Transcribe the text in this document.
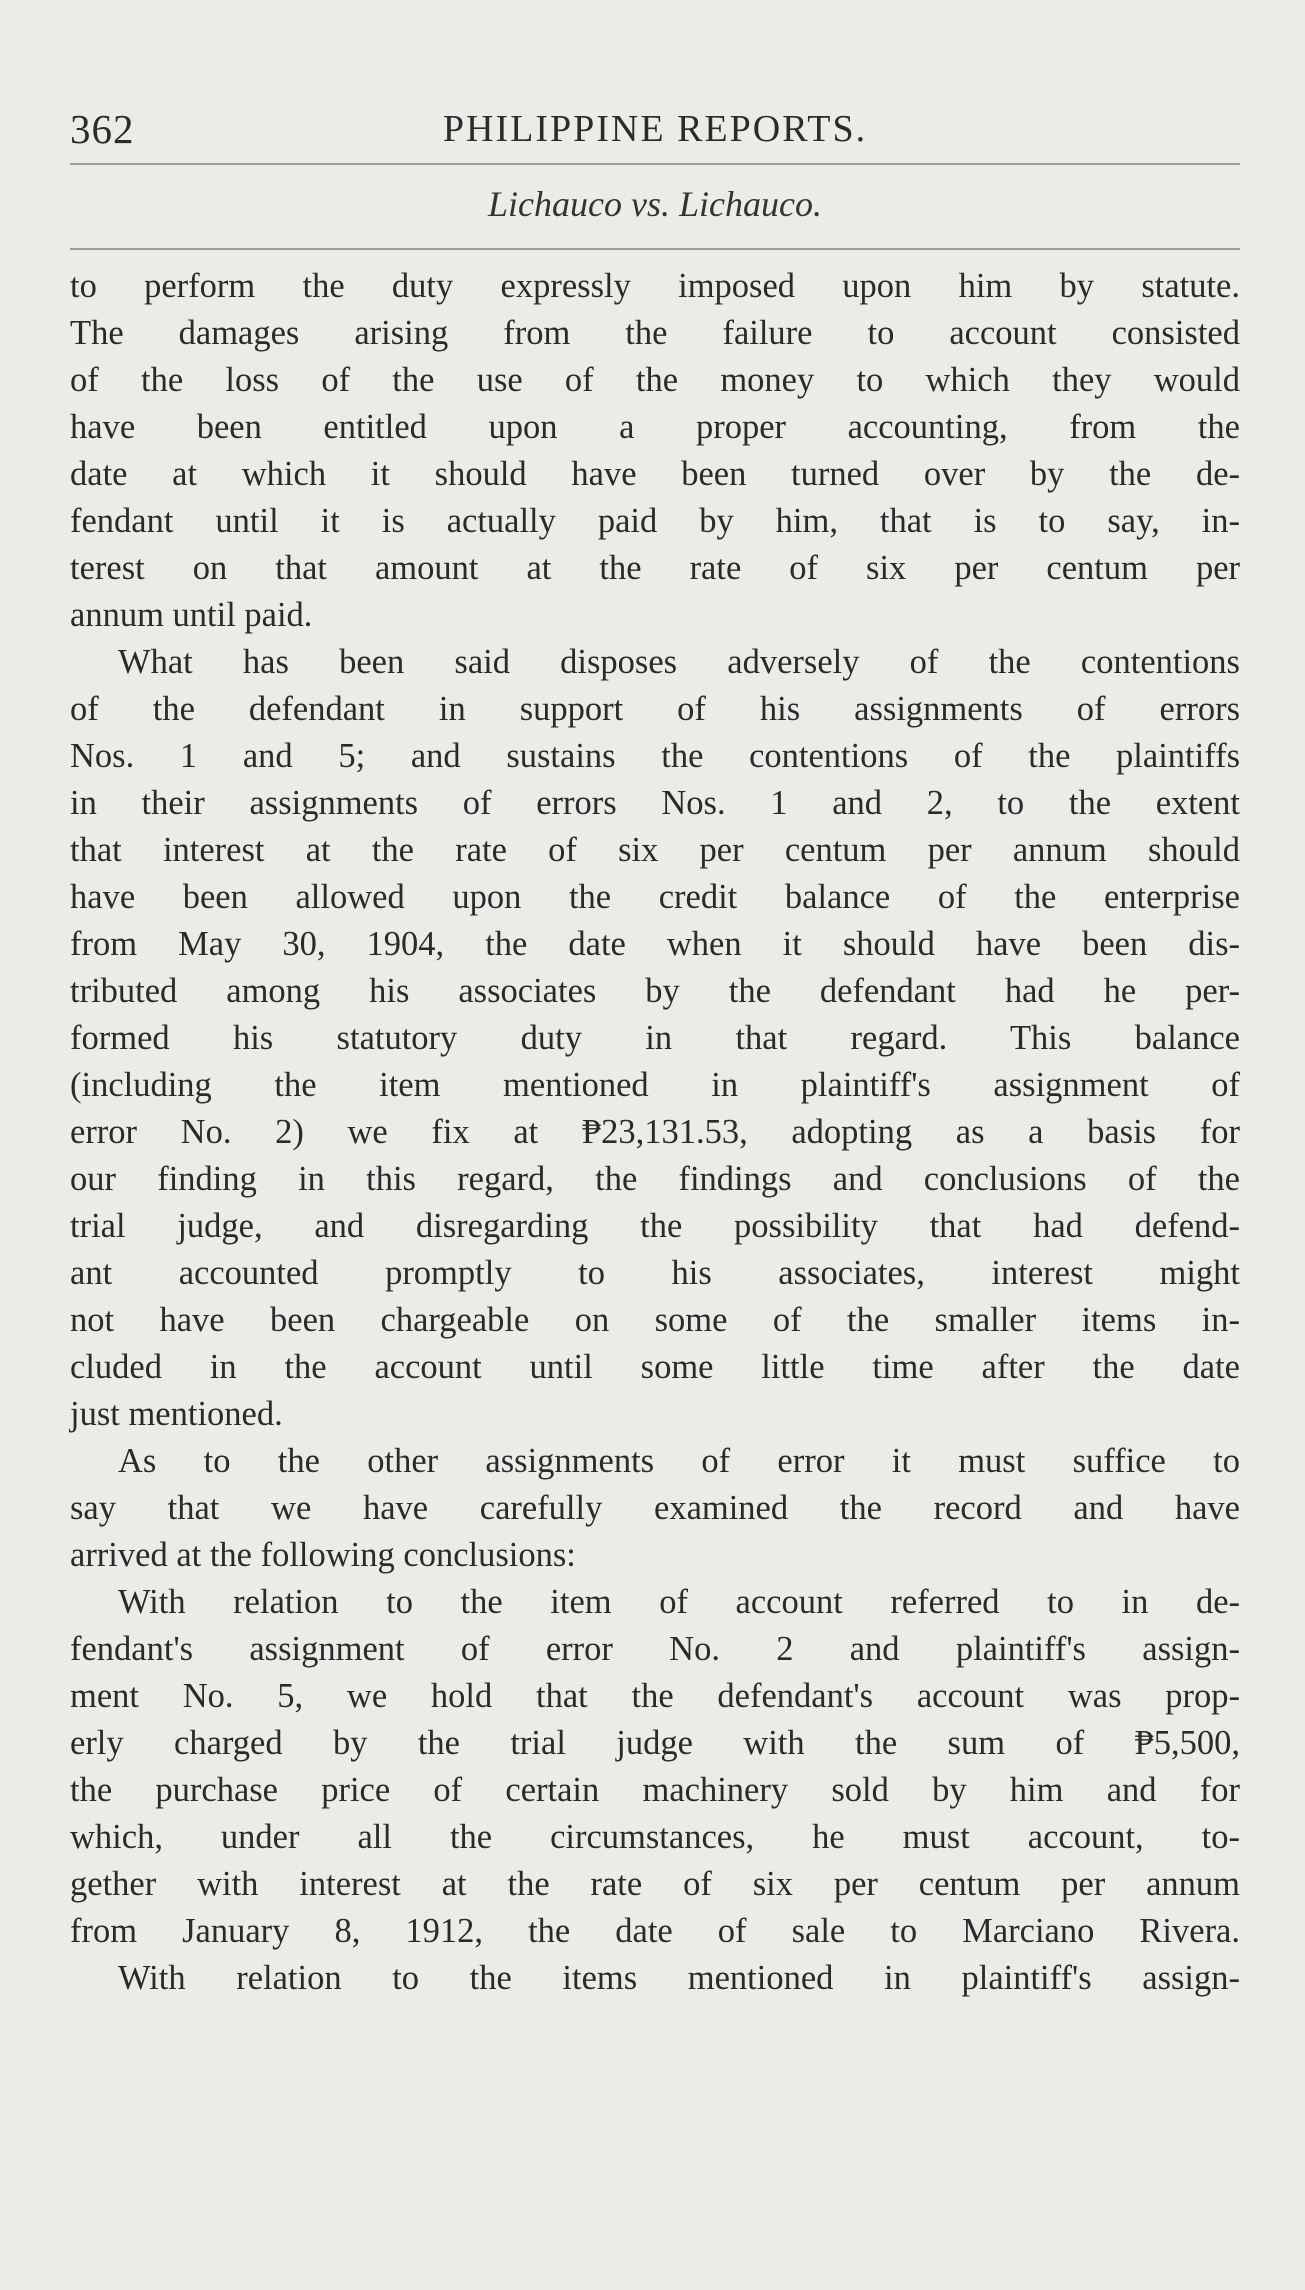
362	PHILIPPINE REPORTS.
Lichauco vs. Lichauco.
to perform the duty expressly imposed upon him by statute.
The damages arising from the failure to account consisted
of the loss of the use of the money to which they would
have been entitled upon a proper accounting, from the
date at which it should have been turned over by the de-
fendant until it is actually paid by him, that is to say, in-
terest on that amount at the rate of six per centum per
annum until paid.
What has been said disposes adversely of the contentions
of the defendant in support of his assignments of errors
Nos. 1 and 5; and sustains the contentions of the plaintiffs
in their assignments of errors Nos. 1 and 2, to the extent
that interest at the rate of six per centum per annum should
have been allowed upon the credit balance of the enterprise
from May 30, 1904, the date when it should have been dis-
tributed among his associates by the defendant had he per-
formed his statutory duty in that regard. This balance
(including the item mentioned in plaintiff's assignment of
error No. 2) we fix at ₱23,131.53, adopting as a basis for
our finding in this regard, the findings and conclusions of the
trial judge, and disregarding the possibility that had defend-
ant accounted promptly to his associates, interest might
not have been chargeable on some of the smaller items in-
cluded in the account until some little time after the date
just mentioned.
As to the other assignments of error it must suffice to
say that we have carefully examined the record and have
arrived at the following conclusions:
With relation to the item of account referred to in de-
fendant's assignment of error No. 2 and plaintiff's assign-
ment No. 5, we hold that the defendant's account was prop-
erly charged by the trial judge with the sum of ₱5,500,
the purchase price of certain machinery sold by him and for
which, under all the circumstances, he must account, to-
gether with interest at the rate of six per centum per annum
from January 8, 1912, the date of sale to Marciano Rivera.
With relation to the items mentioned in plaintiff's assign-
